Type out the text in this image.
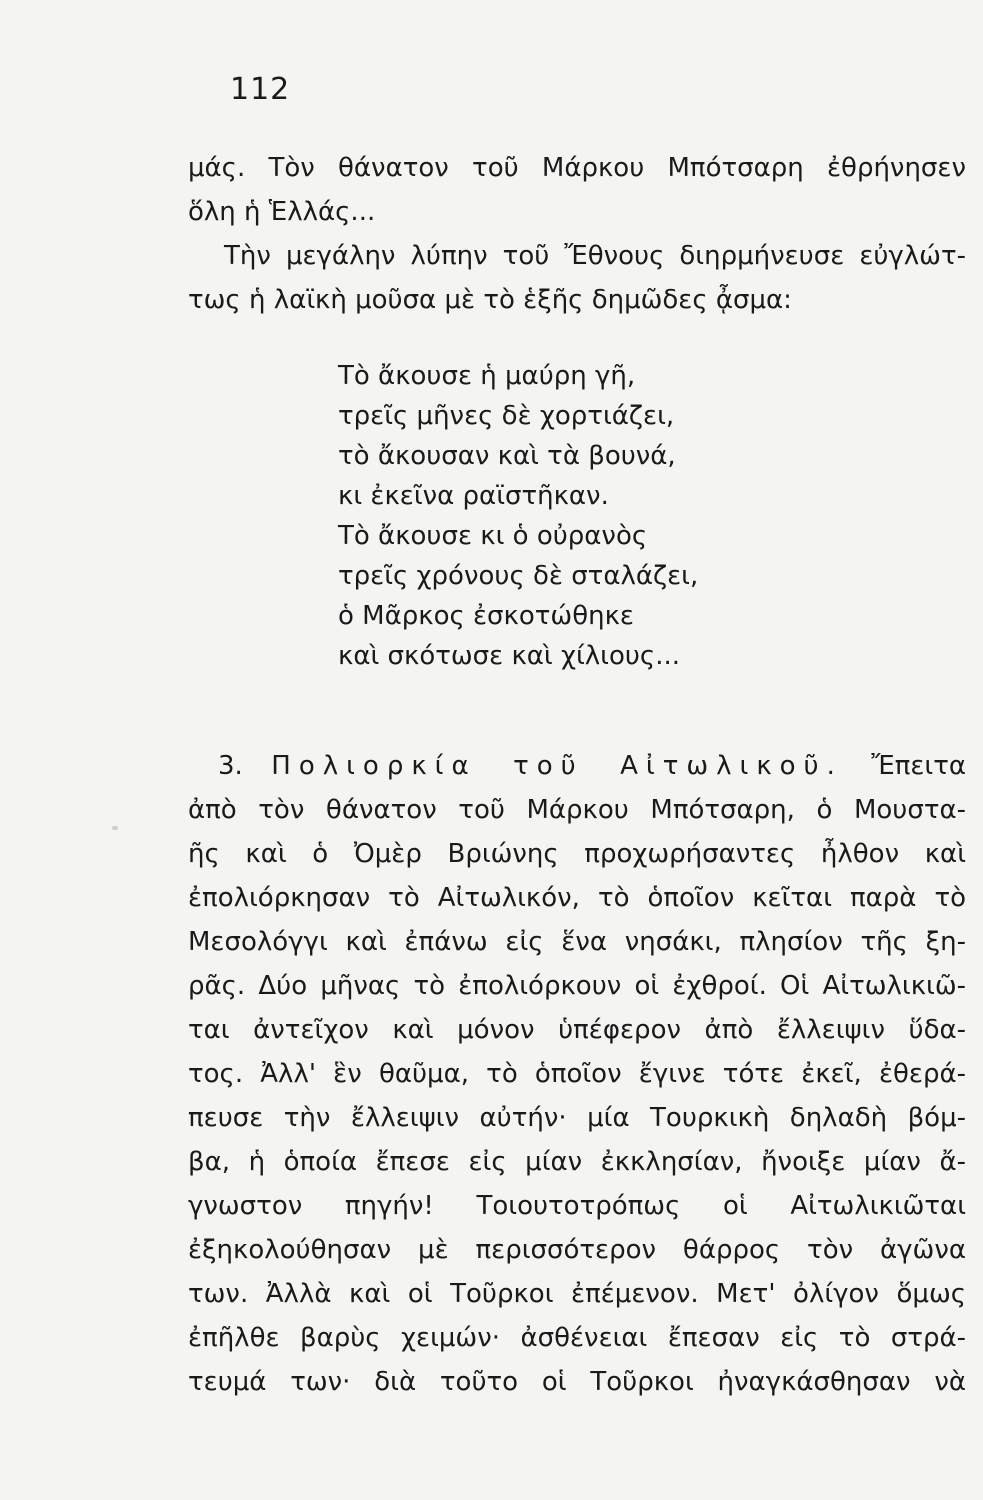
112
μάς. Τὸν θάνατον τοῦ Μάρκου Μπότσαρη ἐθρήνησεν
ὅλη ἡ Ἑλλάς...
Τὴν μεγάλην λύπην τοῦ Ἔθνους διηρμήνευσε εὐγλώτ-
τως ἡ λαϊκὴ μοῦσα μὲ τὸ ἑξῆς δημῶδες ᾆσμα:
Τὸ ἄκουσε ἡ μαύρη γῆ,
τρεῖς μῆνες δὲ χορτιάζει,
τὸ ἄκουσαν καὶ τὰ βουνά,
κι ἐκεῖνα ραϊστῆκαν.
Τὸ ἄκουσε κι ὁ οὐρανὸς
τρεῖς χρόνους δὲ σταλάζει,
ὁ Μᾶρκος ἐσκοτώθηκε
καὶ σκότωσε καὶ χίλιους...
3. Πολιορκία τοῦ Αἰτωλικοῦ. Ἔπειτα
ἀπὸ τὸν θάνατον τοῦ Μάρκου Μπότσαρη, ὁ Μουστα-
ῆς καὶ ὁ Ὀμὲρ Βριώνης προχωρήσαντες ἦλθον καὶ
ἐπολιόρκησαν τὸ Αἰτωλικόν, τὸ ὁποῖον κεῖται παρὰ τὸ
Μεσολόγγι καὶ ἐπάνω εἰς ἕνα νησάκι, πλησίον τῆς ξη-
ρᾶς. Δύο μῆνας τὸ ἐπολιόρκουν οἱ ἐχθροί. Οἱ Αἰτωλικιῶ-
ται ἀντεῖχον καὶ μόνον ὑπέφερον ἀπὸ ἔλλειψιν ὕδα-
τος. Ἀλλ' ἓν θαῦμα, τὸ ὁποῖον ἔγινε τότε ἐκεῖ, ἐθερά-
πευσε τὴν ἔλλειψιν αὐτήν· μία Τουρκικὴ δηλαδὴ βόμ-
βα, ἡ ὁποία ἔπεσε εἰς μίαν ἐκκλησίαν, ἤνοιξε μίαν ἄ-
γνωστον πηγήν! Τοιουτοτρόπως οἱ Αἰτωλικιῶται
ἐξηκολούθησαν μὲ περισσότερον θάρρος τὸν ἀγῶνα
των. Ἀλλὰ καὶ οἱ Τοῦρκοι ἐπέμενον. Μετ' ὀλίγον ὅμως
ἐπῆλθε βαρὺς χειμών· ἀσθένειαι ἔπεσαν εἰς τὸ στρά-
τευμά των· διὰ τοῦτο οἱ Τοῦρκοι ἠναγκάσθησαν νὰ
